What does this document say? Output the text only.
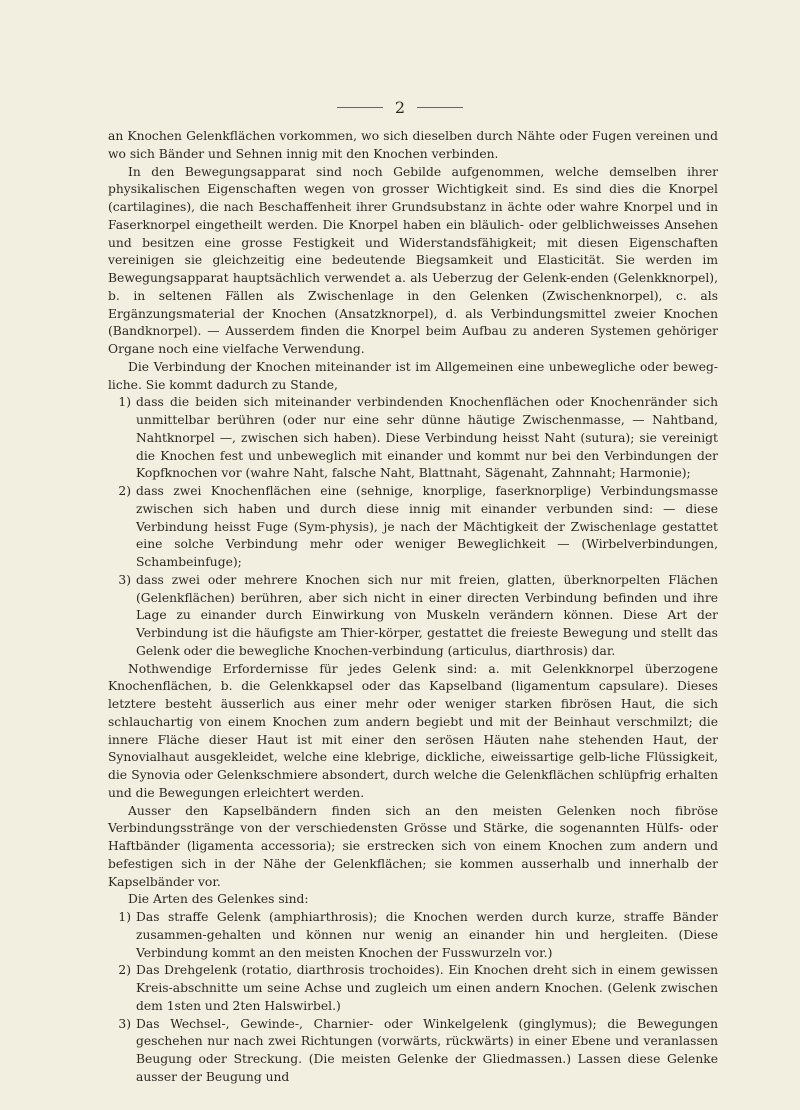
2

an Knochen Gelenkflächen vorkommen, wo sich dieselben durch Nähte oder Fugen vereinen und wo sich Bänder und Sehnen innig mit den Knochen verbinden.

In den Bewegungsapparat sind noch Gebilde aufgenommen, welche demselben ihrer physikalischen Eigenschaften wegen von grosser Wichtigkeit sind. Es sind dies die Knorpel (cartilagines), die nach Beschaffenheit ihrer Grundsubstanz in ächte oder wahre Knorpel und in Faserknorpel eingetheilt werden. Die Knorpel haben ein bläulich- oder gelblichweisses Ansehen und besitzen eine grosse Festigkeit und Widerstandsfähigkeit; mit diesen Eigenschaften vereinigen sie gleichzeitig eine bedeutende Biegsamkeit und Elasticität. Sie werden im Bewegungsapparat hauptsächlich verwendet a. als Ueberzug der Gelenk-enden (Gelenkknorpel), b. in seltenen Fällen als Zwischenlage in den Gelenken (Zwischenknorpel), c. als Ergänzungsmaterial der Knochen (Ansatzknorpel), d. als Verbindungsmittel zweier Knochen (Bandknorpel). — Ausserdem finden die Knorpel beim Aufbau zu anderen Systemen gehöriger Organe noch eine vielfache Verwendung.

Die Verbindung der Knochen miteinander ist im Allgemeinen eine unbewegliche oder beweg-liche. Sie kommt dadurch zu Stande,

1) dass die beiden sich miteinander verbindenden Knochenflächen oder Knochenränder sich unmittelbar berühren (oder nur eine sehr dünne häutige Zwischenmasse, — Nahtband, Nahtknorpel —, zwischen sich haben). Diese Verbindung heisst Naht (sutura); sie vereinigt die Knochen fest und unbeweglich mit einander und kommt nur bei den Verbindungen der Kopfknochen vor (wahre Naht, falsche Naht, Blattnaht, Sägenaht, Zahnnaht; Harmonie);
2) dass zwei Knochenflächen eine (sehnige, knorplige, faserknorplige) Verbindungsmasse zwischen sich haben und durch diese innig mit einander verbunden sind: — diese Verbindung heisst Fuge (Sym-physis), je nach der Mächtigkeit der Zwischenlage gestattet eine solche Verbindung mehr oder weniger Beweglichkeit — (Wirbelverbindungen, Schambeinfuge);
3) dass zwei oder mehrere Knochen sich nur mit freien, glatten, überknorpelten Flächen (Gelenkflächen) berühren, aber sich nicht in einer directen Verbindung befinden und ihre Lage zu einander durch Einwirkung von Muskeln verändern können. Diese Art der Verbindung ist die häufigste am Thier-körper, gestattet die freieste Bewegung und stellt das Gelenk oder die bewegliche Knochen-verbindung (articulus, diarthrosis) dar.

Nothwendige Erfordernisse für jedes Gelenk sind: a. mit Gelenkknorpel überzogene Knochenflächen, b. die Gelenkkapsel oder das Kapselband (ligamentum capsulare). Dieses letztere besteht äusserlich aus einer mehr oder weniger starken fibrösen Haut, die sich schlauchartig von einem Knochen zum andern begiebt und mit der Beinhaut verschmilzt; die innere Fläche dieser Haut ist mit einer den serösen Häuten nahe stehenden Haut, der Synovialhaut ausgekleidet, welche eine klebrige, dickliche, eiweissartige gelb-liche Flüssigkeit, die Synovia oder Gelenkschmiere absondert, durch welche die Gelenkflächen schlüpfrig erhalten und die Bewegungen erleichtert werden.

Ausser den Kapselbändern finden sich an den meisten Gelenken noch fibröse Verbindungsstränge von der verschiedensten Grösse und Stärke, die sogenannten Hülfs- oder Haftbänder (ligamenta accessoria); sie erstrecken sich von einem Knochen zum andern und befestigen sich in der Nähe der Gelenkflächen; sie kommen ausserhalb und innerhalb der Kapselbänder vor.

Die Arten des Gelenkes sind:

1) Das straffe Gelenk (amphiarthrosis); die Knochen werden durch kurze, straffe Bänder zusammen-gehalten und können nur wenig an einander hin und hergleiten. (Diese Verbindung kommt an den meisten Knochen der Fusswurzeln vor.)
2) Das Drehgelenk (rotatio, diarthrosis trochoides). Ein Knochen dreht sich in einem gewissen Kreis-abschnitte um seine Achse und zugleich um einen andern Knochen. (Gelenk zwischen dem 1sten und 2ten Halswirbel.)
3) Das Wechsel-, Gewinde-, Charnier- oder Winkelgelenk (ginglymus); die Bewegungen geschehen nur nach zwei Richtungen (vorwärts, rückwärts) in einer Ebene und veranlassen Beugung oder Streckung. (Die meisten Gelenke der Gliedmassen.) Lassen diese Gelenke ausser der Beugung und
